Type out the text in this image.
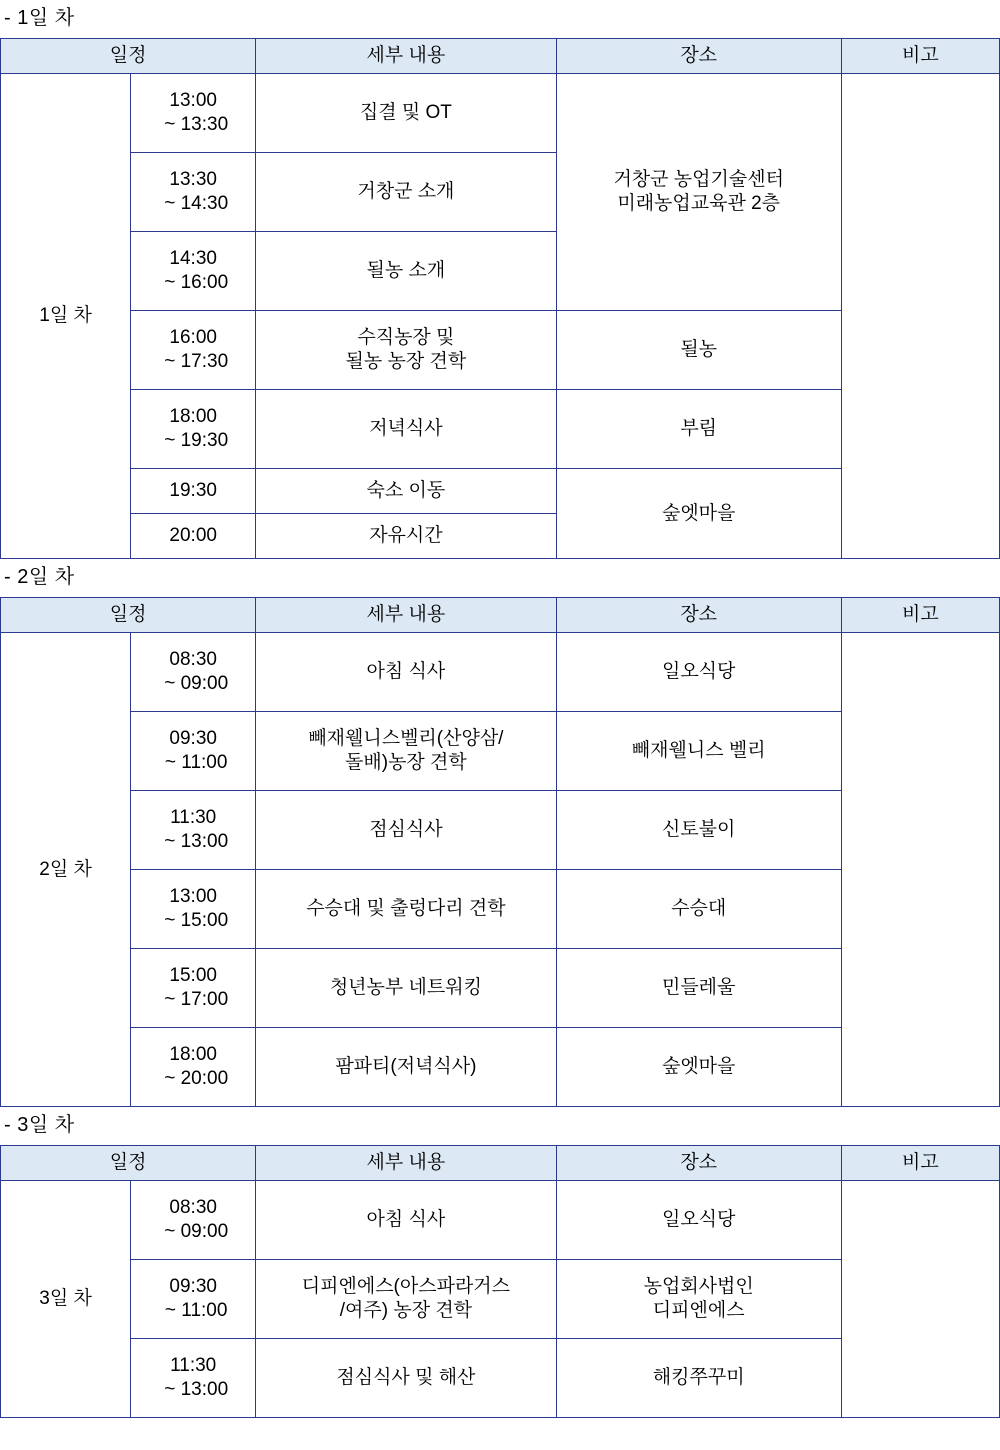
- 1일 차
일정		세부 내용	장소	비고
1일 차	13:00
~ 13:30	집결 및 OT	거창군 농업기술센터
미래농업교육관 2층	

	13:30
~ 14:30	거창군 소개		

	14:30
~ 16:00	될농 소개		

	16:00
~ 17:30	수직농장 및
될농 농장 견학	될농	

	18:00
~ 19:30	저녁식사	부림	

	19:30	숙소 이동	숲엣마을	

	20:00	자유시간		
- 2일 차
일정		세부 내용	장소	비고
2일 차	08:30
~ 09:00	아침 식사	일오식당	

	09:30
~ 11:00	빼재웰니스벨리(산양삼/
돌배)농장 견학	빼재웰니스 벨리	

	11:30
~ 13:00	점심식사	신토불이	

	13:00
~ 15:00	수승대 및 출렁다리 견학	수승대	

	15:00
~ 17:00	청년농부 네트워킹	민들레울	

	18:00
~ 20:00	팜파티(저녁식사)	숲엣마을	
- 3일 차
일정		세부 내용	장소	비고
3일 차	08:30
~ 09:00	아침 식사	일오식당	

	09:30
~ 11:00	디피엔에스(아스파라거스
/여주) 농장 견학	농업회사법인
디피엔에스	

	11:30
~ 13:00	점심식사 및 해산	해킹쭈꾸미	
